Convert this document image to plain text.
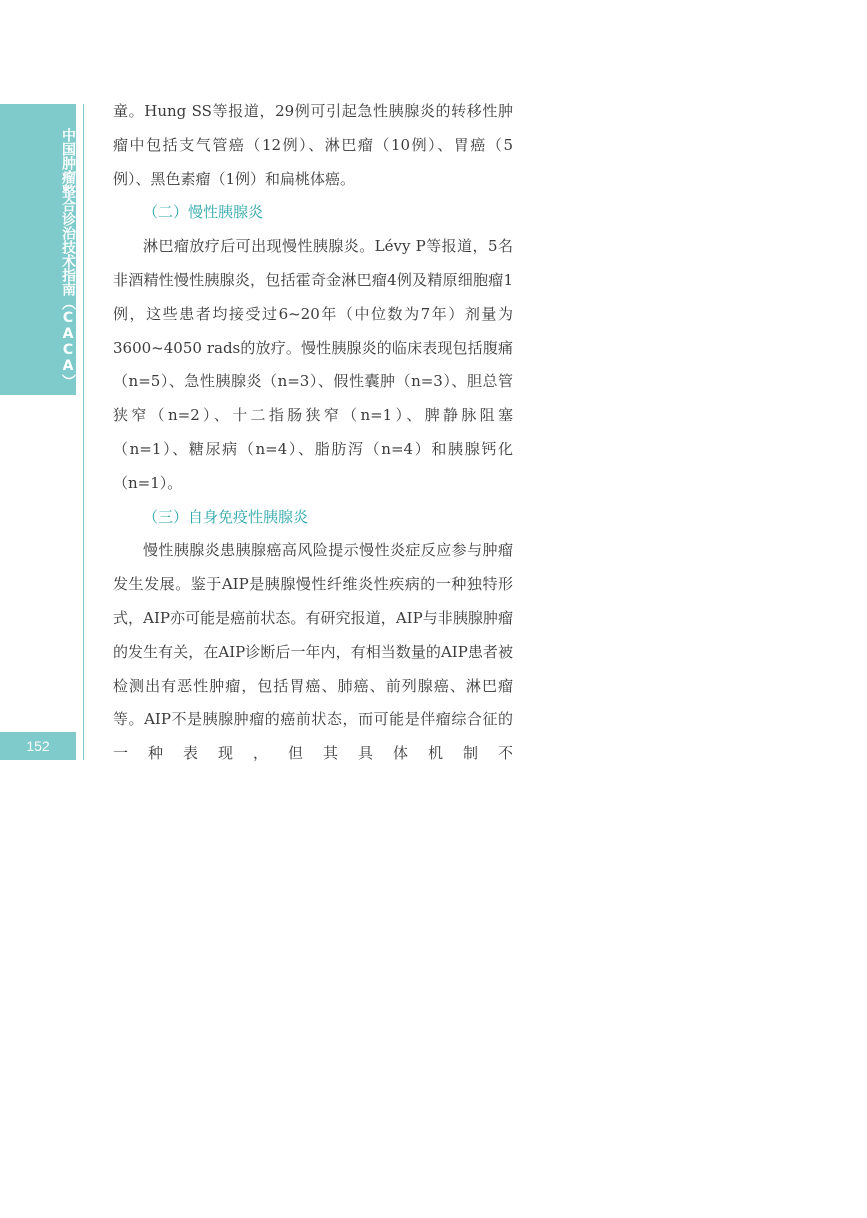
中国肿瘤整合诊治技术指南（CACA）
152

童。Hung SS等报道，29例可引起急性胰腺炎的转移性肿瘤中包括支气管癌（12例）、淋巴瘤（10例）、胃癌（5例）、黑色素瘤（1例）和扁桃体癌。

（二）慢性胰腺炎

淋巴瘤放疗后可出现慢性胰腺炎。Lévy P等报道，5名非酒精性慢性胰腺炎，包括霍奇金淋巴瘤4例及精原细胞瘤1例，这些患者均接受过6~20年（中位数为7年）剂量为3600~4050 rads的放疗。慢性胰腺炎的临床表现包括腹痛（n=5）、急性胰腺炎（n=3）、假性囊肿（n=3）、胆总管狭窄（n=2）、十二指肠狭窄（n=1）、脾静脉阻塞（n=1）、糖尿病（n=4）、脂肪泻（n=4）和胰腺钙化（n=1）。

（三）自身免疫性胰腺炎

慢性胰腺炎患胰腺癌高风险提示慢性炎症反应参与肿瘤发生发展。鉴于AIP是胰腺慢性纤维炎性疾病的一种独特形式，AIP亦可能是癌前状态。有研究报道，AIP与非胰腺肿瘤的发生有关，在AIP诊断后一年内，有相当数量的AIP患者被检测出有恶性肿瘤，包括胃癌、肺癌、前列腺癌、淋巴瘤等。AIP不是胰腺肿瘤的癌前状态，而可能是伴瘤综合征的一种表现，但其具体机制不
